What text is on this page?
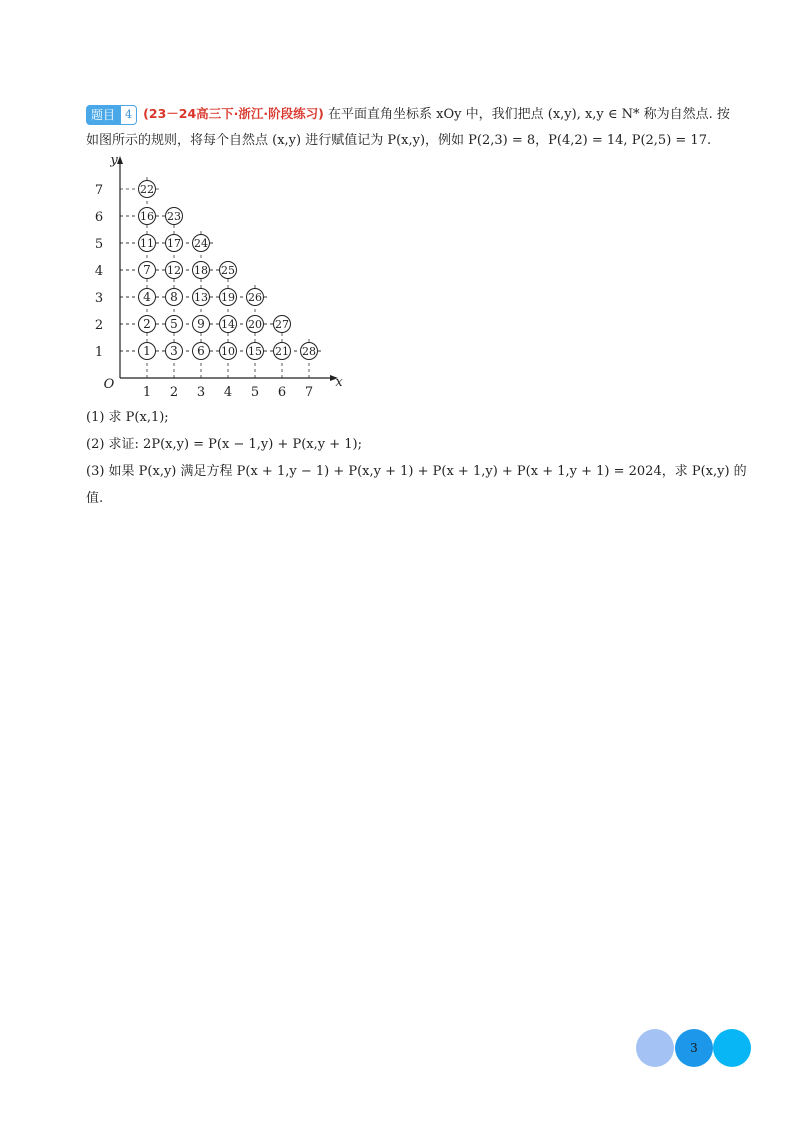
题目 4 (23－24高三下·浙江·阶段练习) 在平面直角坐标系 xOy 中，我们把点 (x,y), x,y ∈ N* 称为自然点. 按
如图所示的规则，将每个自然点 (x,y) 进行赋值记为 P(x,y)，例如 P(2,3) = 8，P(4,2) = 14, P(2,5) = 17.
O	x
y
1 2 3 4 5 6 7
1
2
3
4
5
6
7
1 3 6 10 15 21 28
2 5 9 14 20 27
4 8 13 19 26
7 12 18 25
11 17 24
16 23
22
(1) 求 P(x,1);
(2) 求证: 2P(x,y) = P(x − 1,y) + P(x,y + 1);
(3) 如果 P(x,y) 满足方程 P(x + 1,y − 1) + P(x,y + 1) + P(x + 1,y) + P(x + 1,y + 1) = 2024，求 P(x,y) 的
值.
3
